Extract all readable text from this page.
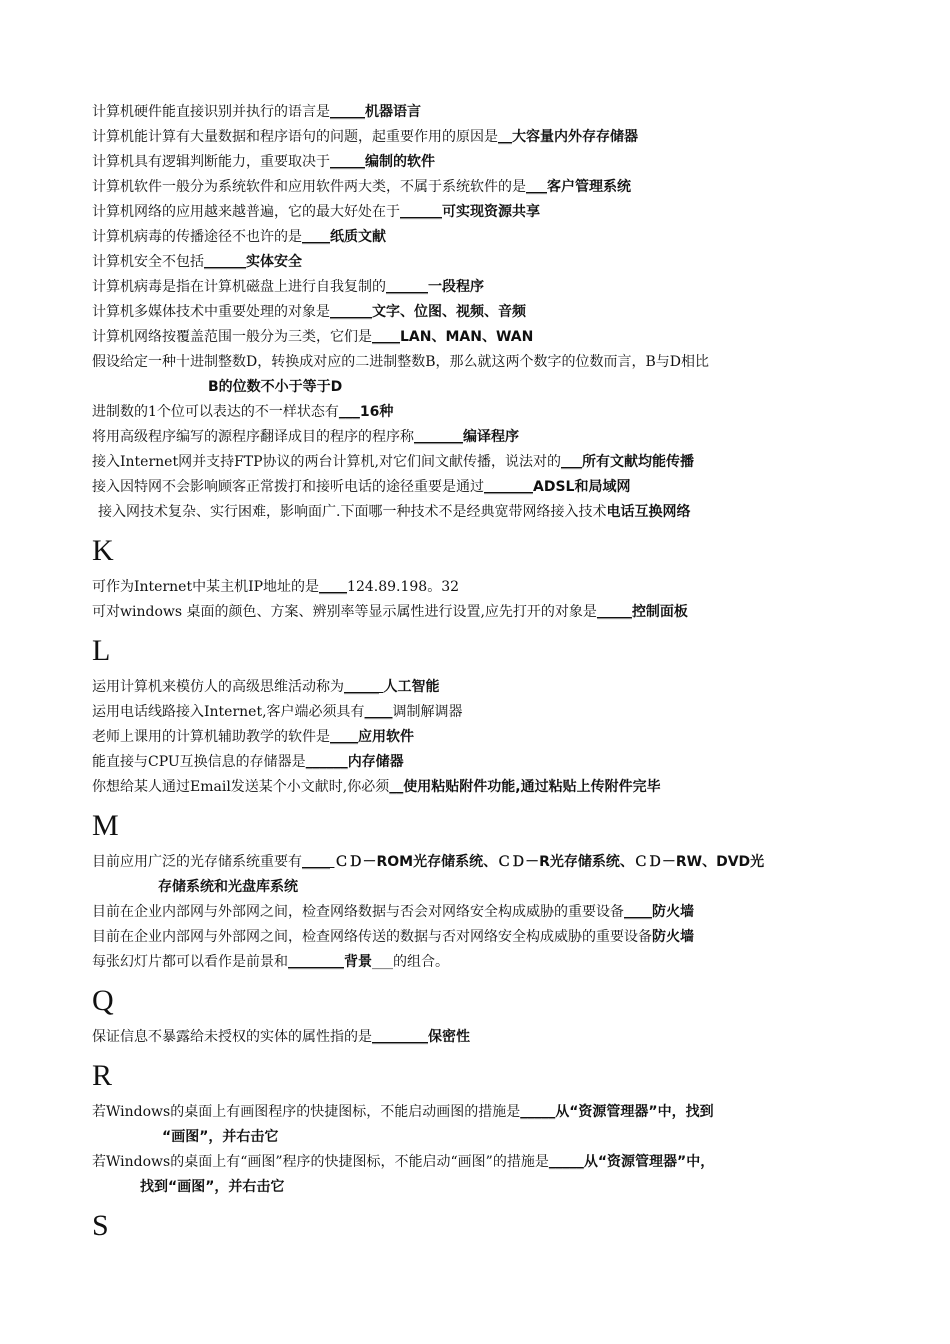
计算机硬件能直接识别并执行的语言是_____机器语言
计算机能计算有大量数据和程序语句的问题，起重要作用的原因是__大容量内外存存储器
计算机具有逻辑判断能力，重要取决于_____编制的软件
计算机软件一般分为系统软件和应用软件两大类，不属于系统软件的是___客户管理系统
计算机网络的应用越来越普遍，它的最大好处在于______可实现资源共享
计算机病毒的传播途径不也许的是____纸质文献
计算机安全不包括______实体安全
计算机病毒是指在计算机磁盘上进行自我复制的______一段程序
计算机多媒体技术中重要处理的对象是______文字、位图、视频、音频
计算机网络按覆盖范围一般分为三类，它们是____LAN、MAN、WAN
假设给定一种十进制整数D，转换成对应的二进制整数B，那么就这两个数字的位数而言，B与D相比
B的位数不小于等于D
进制数的1个位可以表达的不一样状态有___16种
将用高级程序编写的源程序翻译成目的程序的程序称_______编译程序
接入Internet网并支持FTP协议的两台计算机,对它们间文献传播，说法对的___所有文献均能传播
接入因特网不会影响顾客正常拨打和接听电话的途径重要是通过_______ADSL和局域网
接入网技术复杂、实行困难，影响面广.下面哪一种技术不是经典宽带网络接入技术电话互换网络
K
可作为Internet中某主机IP地址的是____124.89.198。32
可对windows 桌面的颜色、方案、辨别率等显示属性进行设置,应先打开的对象是_____控制面板
L
运用计算机来模仿人的高级思维活动称为_____ 人工智能
运用电话线路接入Internet,客户端必须具有____调制解调器
老师上课用的计算机辅助教学的软件是____应用软件
能直接与CPU互换信息的存储器是______内存储器
你想给某人通过Email发送某个小文献时,你必须__使用粘贴附件功能,通过粘贴上传附件完毕
M
目前应用广泛的光存储系统重要有____ ＣＤ－ROM光存储系统、ＣＤ－R光存储系统、ＣＤ－RW、DVD光
存储系统和光盘库系统
目前在企业内部网与外部网之间，检查网络数据与否会对网络安全构成威胁的重要设备____防火墙
目前在企业内部网与外部网之间，检查网络传送的数据与否对网络安全构成威胁的重要设备防火墙
每张幻灯片都可以看作是前景和________背景___的组合。
Q
保证信息不暴露给未授权的实体的属性指的是________保密性
R
若Windows的桌面上有画图程序的快捷图标，不能启动画图的措施是_____从“资源管理器”中，找到
“画图”，并右击它
若Windows的桌面上有“画图”程序的快捷图标，不能启动“画图”的措施是_____从“资源管理器”中，
找到“画图”，并右击它
S
